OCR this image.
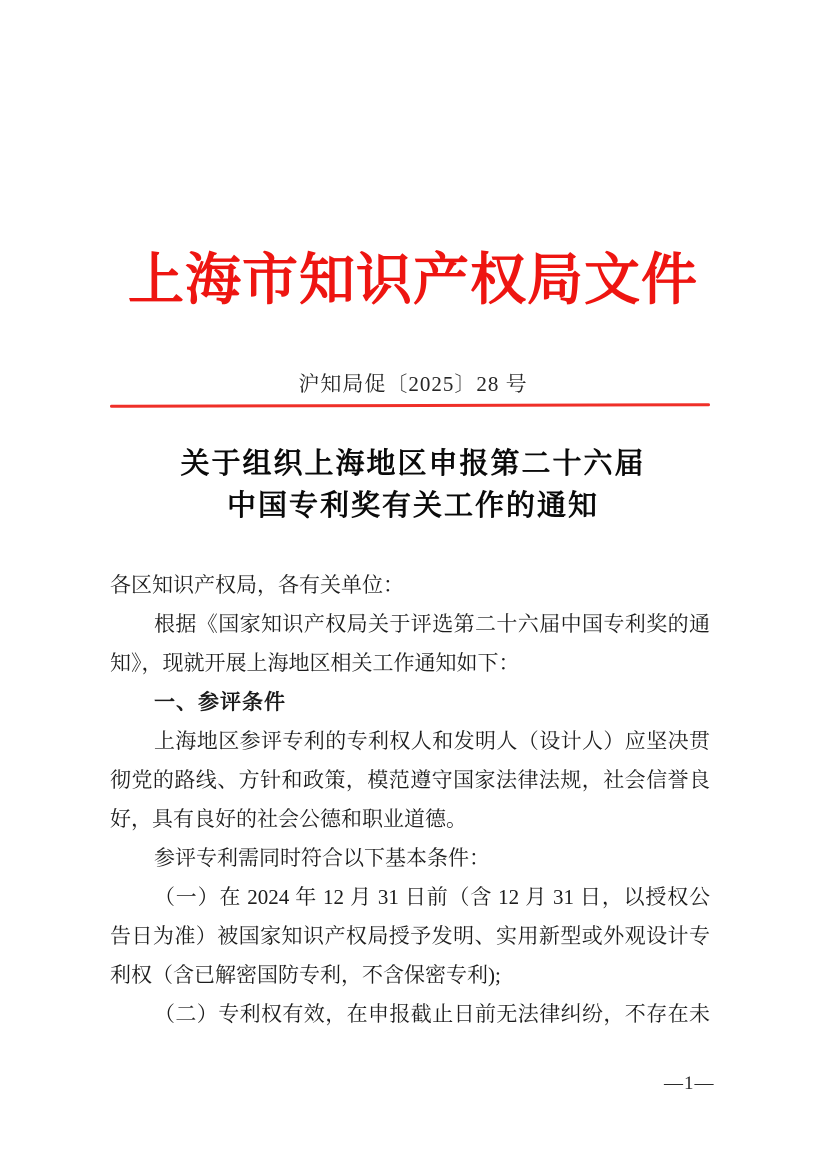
上海市知识产权局文件
沪知局促〔2025〕28 号
关于组织上海地区申报第二十六届
中国专利奖有关工作的通知
各区知识产权局，各有关单位：
根据《国家知识产权局关于评选第二十六届中国专利奖的通
知》，现就开展上海地区相关工作通知如下：
一、参评条件
上海地区参评专利的专利权人和发明人（设计人）应坚决贯
彻党的路线、方针和政策，模范遵守国家法律法规，社会信誉良
好，具有良好的社会公德和职业道德。
参评专利需同时符合以下基本条件：
（一）在 2024 年 12 月 31 日前（含 12 月 31 日，以授权公
告日为准）被国家知识产权局授予发明、实用新型或外观设计专
利权（含已解密国防专利，不含保密专利);
（二）专利权有效，在申报截止日前无法律纠纷，不存在未
—1—
